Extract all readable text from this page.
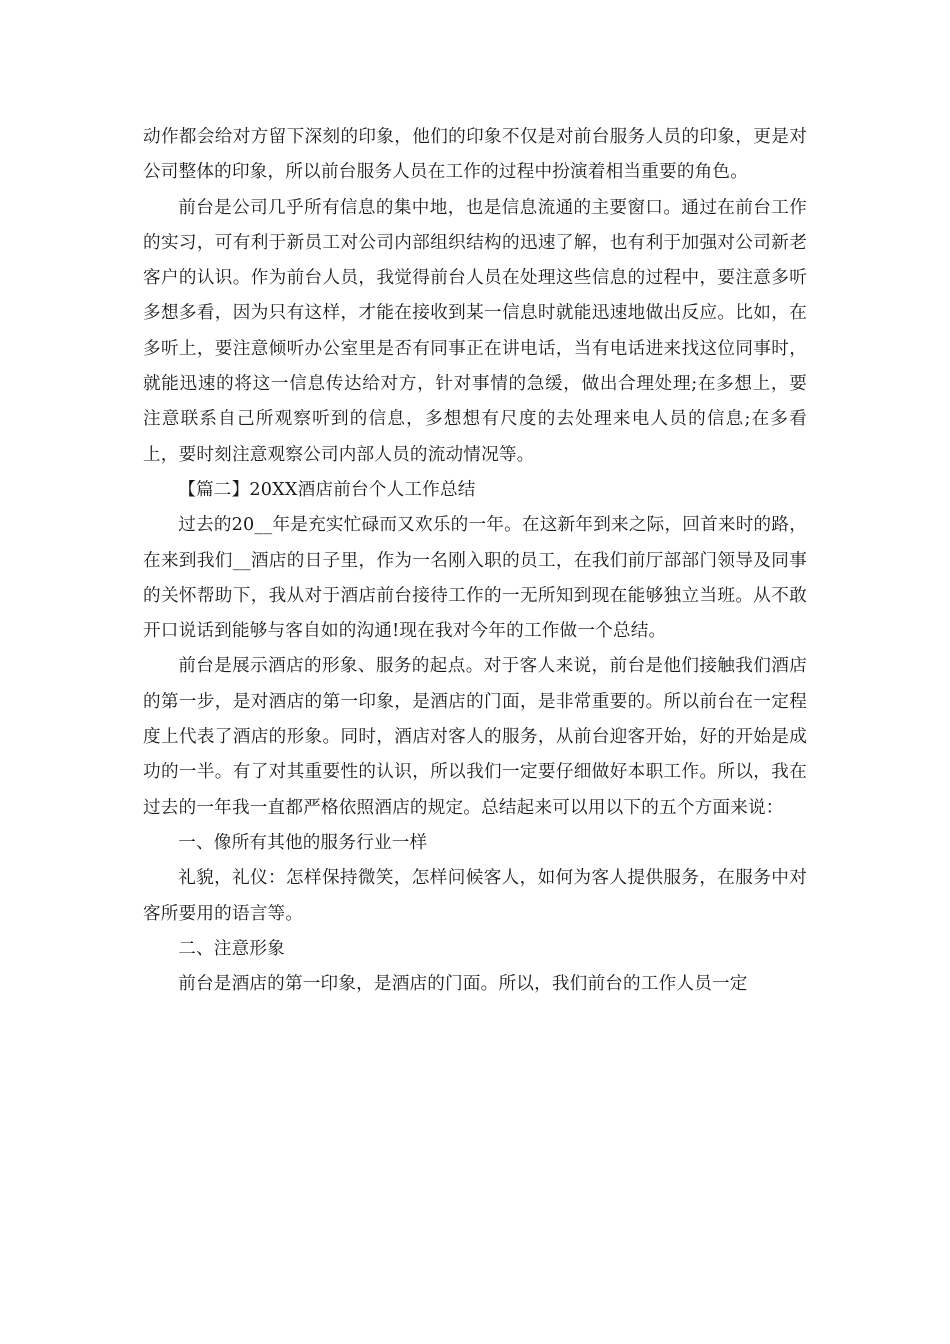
动作都会给对方留下深刻的印象，他们的印象不仅是对前台服务人员的印象，更是对公司整体的印象，所以前台服务人员在工作的过程中扮演着相当重要的角色。

前台是公司几乎所有信息的集中地，也是信息流通的主要窗口。通过在前台工作的实习，可有利于新员工对公司内部组织结构的迅速了解，也有利于加强对公司新老客户的认识。作为前台人员，我觉得前台人员在处理这些信息的过程中，要注意多听多想多看，因为只有这样，才能在接收到某一信息时就能迅速地做出反应。比如，在多听上，要注意倾听办公室里是否有同事正在讲电话，当有电话进来找这位同事时，就能迅速的将这一信息传达给对方，针对事情的急缓，做出合理处理;在多想上，要注意联系自己所观察听到的信息，多想想有尺度的去处理来电人员的信息;在多看上，要时刻注意观察公司内部人员的流动情况等。

【篇二】20XX酒店前台个人工作总结

过去的20__年是充实忙碌而又欢乐的一年。在这新年到来之际，回首来时的路，在来到我们__酒店的日子里，作为一名刚入职的员工，在我们前厅部部门领导及同事的关怀帮助下，我从对于酒店前台接待工作的一无所知到现在能够独立当班。从不敢开口说话到能够与客自如的沟通!现在我对今年的工作做一个总结。

前台是展示酒店的形象、服务的起点。对于客人来说，前台是他们接触我们酒店的第一步，是对酒店的第一印象，是酒店的门面，是非常重要的。所以前台在一定程度上代表了酒店的形象。同时，酒店对客人的服务，从前台迎客开始，好的开始是成功的一半。有了对其重要性的认识，所以我们一定要仔细做好本职工作。所以，我在过去的一年我一直都严格依照酒店的规定。总结起来可以用以下的五个方面来说：

一、像所有其他的服务行业一样

礼貌，礼仪：怎样保持微笑，怎样问候客人，如何为客人提供服务，在服务中对客所要用的语言等。

二、注意形象

前台是酒店的第一印象，是酒店的门面。所以，我们前台的工作人员一定
